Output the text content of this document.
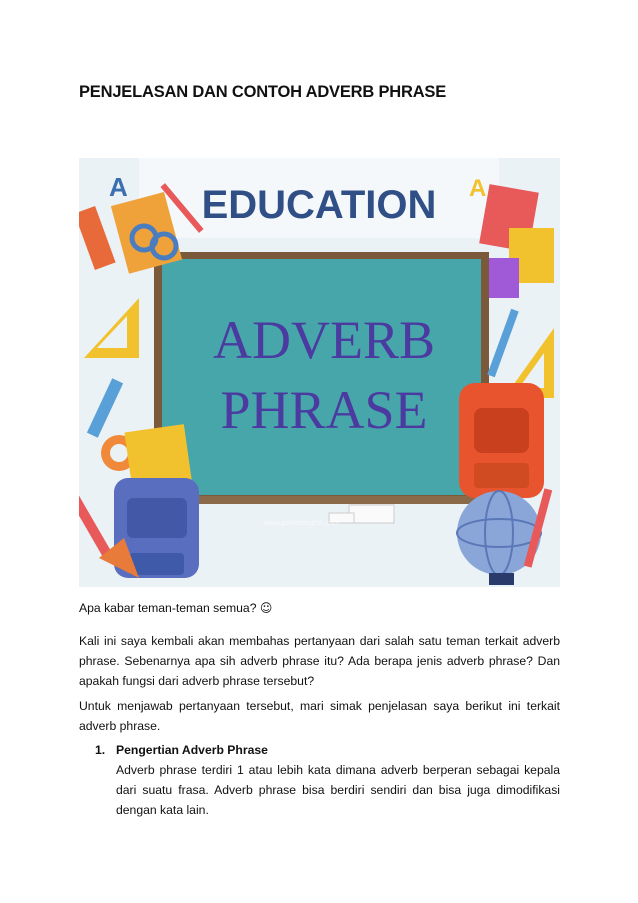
PENJELASAN DAN CONTOH ADVERB PHRASE
EDUCATION
ADVERB
PHRASE
www.goldenenglish.com
A	A

Apa kabar teman-teman semua? ☺

Kali ini saya kembali akan membahas pertanyaan dari salah satu teman terkait adverb phrase. Sebenarnya apa sih adverb phrase itu? Ada berapa jenis adverb phrase? Dan apakah fungsi dari adverb phrase tersebut?

Untuk menjawab pertanyaan tersebut, mari simak penjelasan saya berikut ini terkait adverb phrase.

1. Pengertian Adverb Phrase

Adverb phrase terdiri 1 atau lebih kata dimana adverb berperan sebagai kepala dari suatu frasa. Adverb phrase bisa berdiri sendiri dan bisa juga dimodifikasi dengan kata lain.
